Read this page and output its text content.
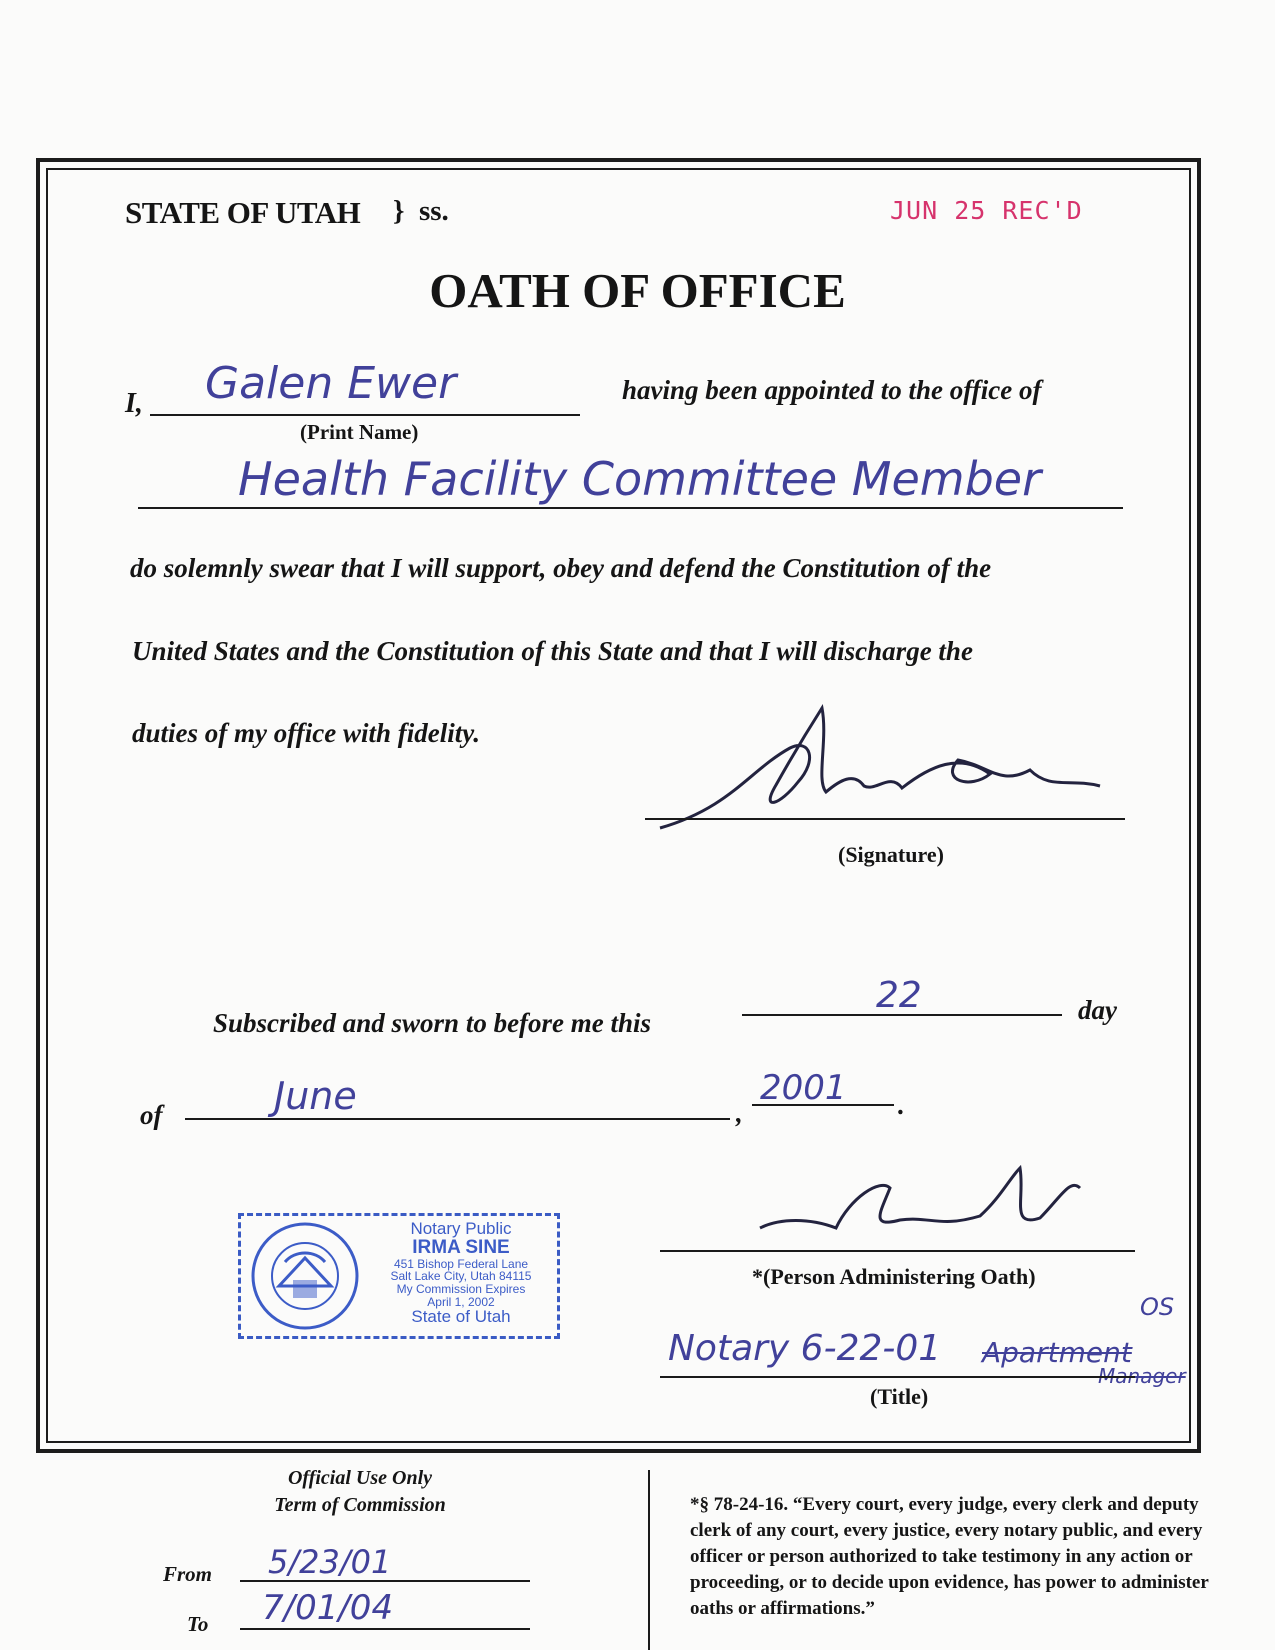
STATE OF UTAH } ss.	JUN 25 REC'D
OATH OF OFFICE
I, Galen Ewer
(Print Name)
having been appointed to the office of
Health Facility Committee Member
do solemnly swear that I will support, obey and defend the Constitution of the
United States and the Constitution of this State and that I will discharge the
duties of my office with fidelity.
(Signature)
Subscribed and sworn to before me this
22	day
of	June	,
2001 .
Notary Public
IRMA SINE
451 Bishop Federal Lane
Salt Lake City, Utah 84115
My Commission Expires
April 1, 2002
State of Utah
*(Person Administering Oath)
Notary 6-22-01 Apartment
OS
Manager
(Title)
Official Use Only
Term of Commission
From 5/23/01
To 7/01/04
*§ 78-24-16. “Every court, every judge, every clerk and deputy clerk of any court, every justice, every notary public, and every officer or person authorized to take testimony in any action or proceeding, or to decide upon evidence, has power to administer oaths or affirmations.”
